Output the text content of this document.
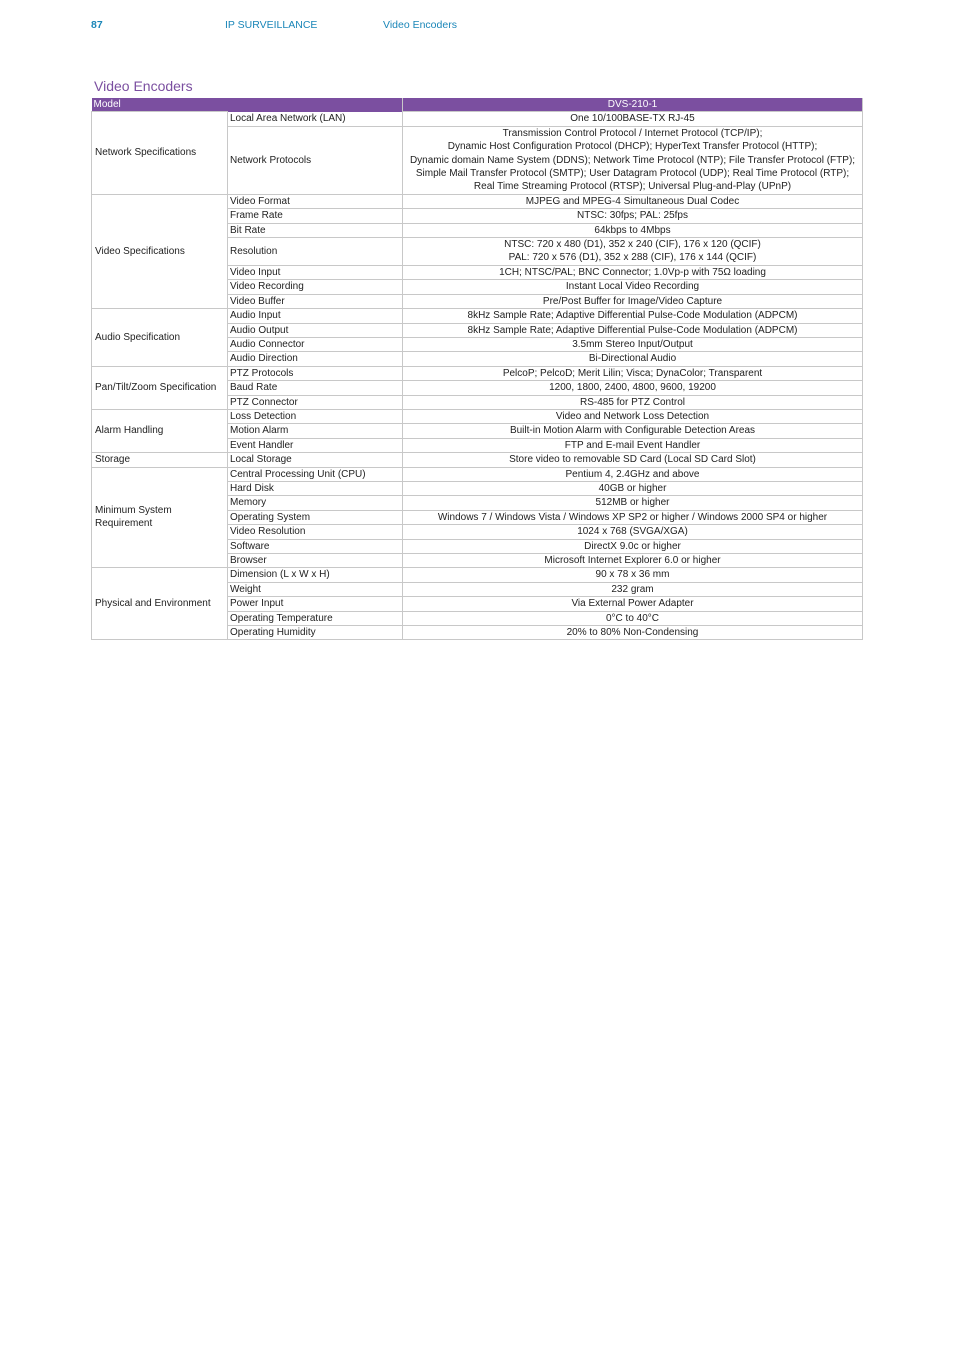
87	IP SURVEILLANCE	Video Encoders
Video Encoders
Model		DVS-210-1
Network Specifications	Local Area Network (LAN)	One 10/100BASE-TX RJ-45
	Network Protocols	Transmission Control Protocol / Internet Protocol (TCP/IP);
Dynamic Host Configuration Protocol (DHCP); HyperText Transfer Protocol (HTTP);
Dynamic domain Name System (DDNS); Network Time Protocol (NTP); File Transfer Protocol (FTP);
Simple Mail Transfer Protocol (SMTP); User Datagram Protocol (UDP); Real Time Protocol (RTP);
Real Time Streaming Protocol (RTSP); Universal Plug-and-Play (UPnP)
Video Specifications	Video Format	MJPEG and MPEG-4 Simultaneous Dual Codec
	Frame Rate	NTSC: 30fps; PAL: 25fps
	Bit Rate	64kbps to 4Mbps
	Resolution	NTSC: 720 x 480 (D1), 352 x 240 (CIF), 176 x 120 (QCIF)
PAL: 720 x 576 (D1), 352 x 288 (CIF), 176 x 144 (QCIF)
	Video Input	1CH; NTSC/PAL; BNC Connector; 1.0Vp-p with 75Ω loading
	Video Recording	Instant Local Video Recording
	Video Buffer	Pre/Post Buffer for Image/Video Capture
Audio Specification	Audio Input	8kHz Sample Rate; Adaptive Differential Pulse-Code Modulation (ADPCM)
	Audio Output	8kHz Sample Rate; Adaptive Differential Pulse-Code Modulation (ADPCM)
	Audio Connector	3.5mm Stereo Input/Output
	Audio Direction	Bi-Directional Audio
Pan/Tilt/Zoom Specification	PTZ Protocols	PelcoP; PelcoD; Merit Lilin; Visca; DynaColor; Transparent
	Baud Rate	1200, 1800, 2400, 4800, 9600, 19200
	PTZ Connector	RS-485 for PTZ Control
Alarm Handling	Loss Detection	Video and Network Loss Detection
	Motion Alarm	Built-in Motion Alarm with Configurable Detection Areas
	Event Handler	FTP and E-mail Event Handler
Storage	Local Storage	Store video to removable SD Card (Local SD Card Slot)
Minimum System Requirement	Central Processing Unit (CPU)	Pentium 4, 2.4GHz and above
	Hard Disk	40GB or higher
	Memory	512MB or higher
	Operating System	Windows 7 / Windows Vista / Windows XP SP2 or higher / Windows 2000 SP4 or higher
	Video Resolution	1024 x 768 (SVGA/XGA)
	Software	DirectX 9.0c or higher
	Browser	Microsoft Internet Explorer 6.0 or higher
Physical and Environment	Dimension (L x W x H)	90 x 78 x 36 mm
	Weight	232 gram
	Power Input	Via External Power Adapter
	Operating Temperature	0°C to 40°C
	Operating Humidity	20% to 80% Non-Condensing
